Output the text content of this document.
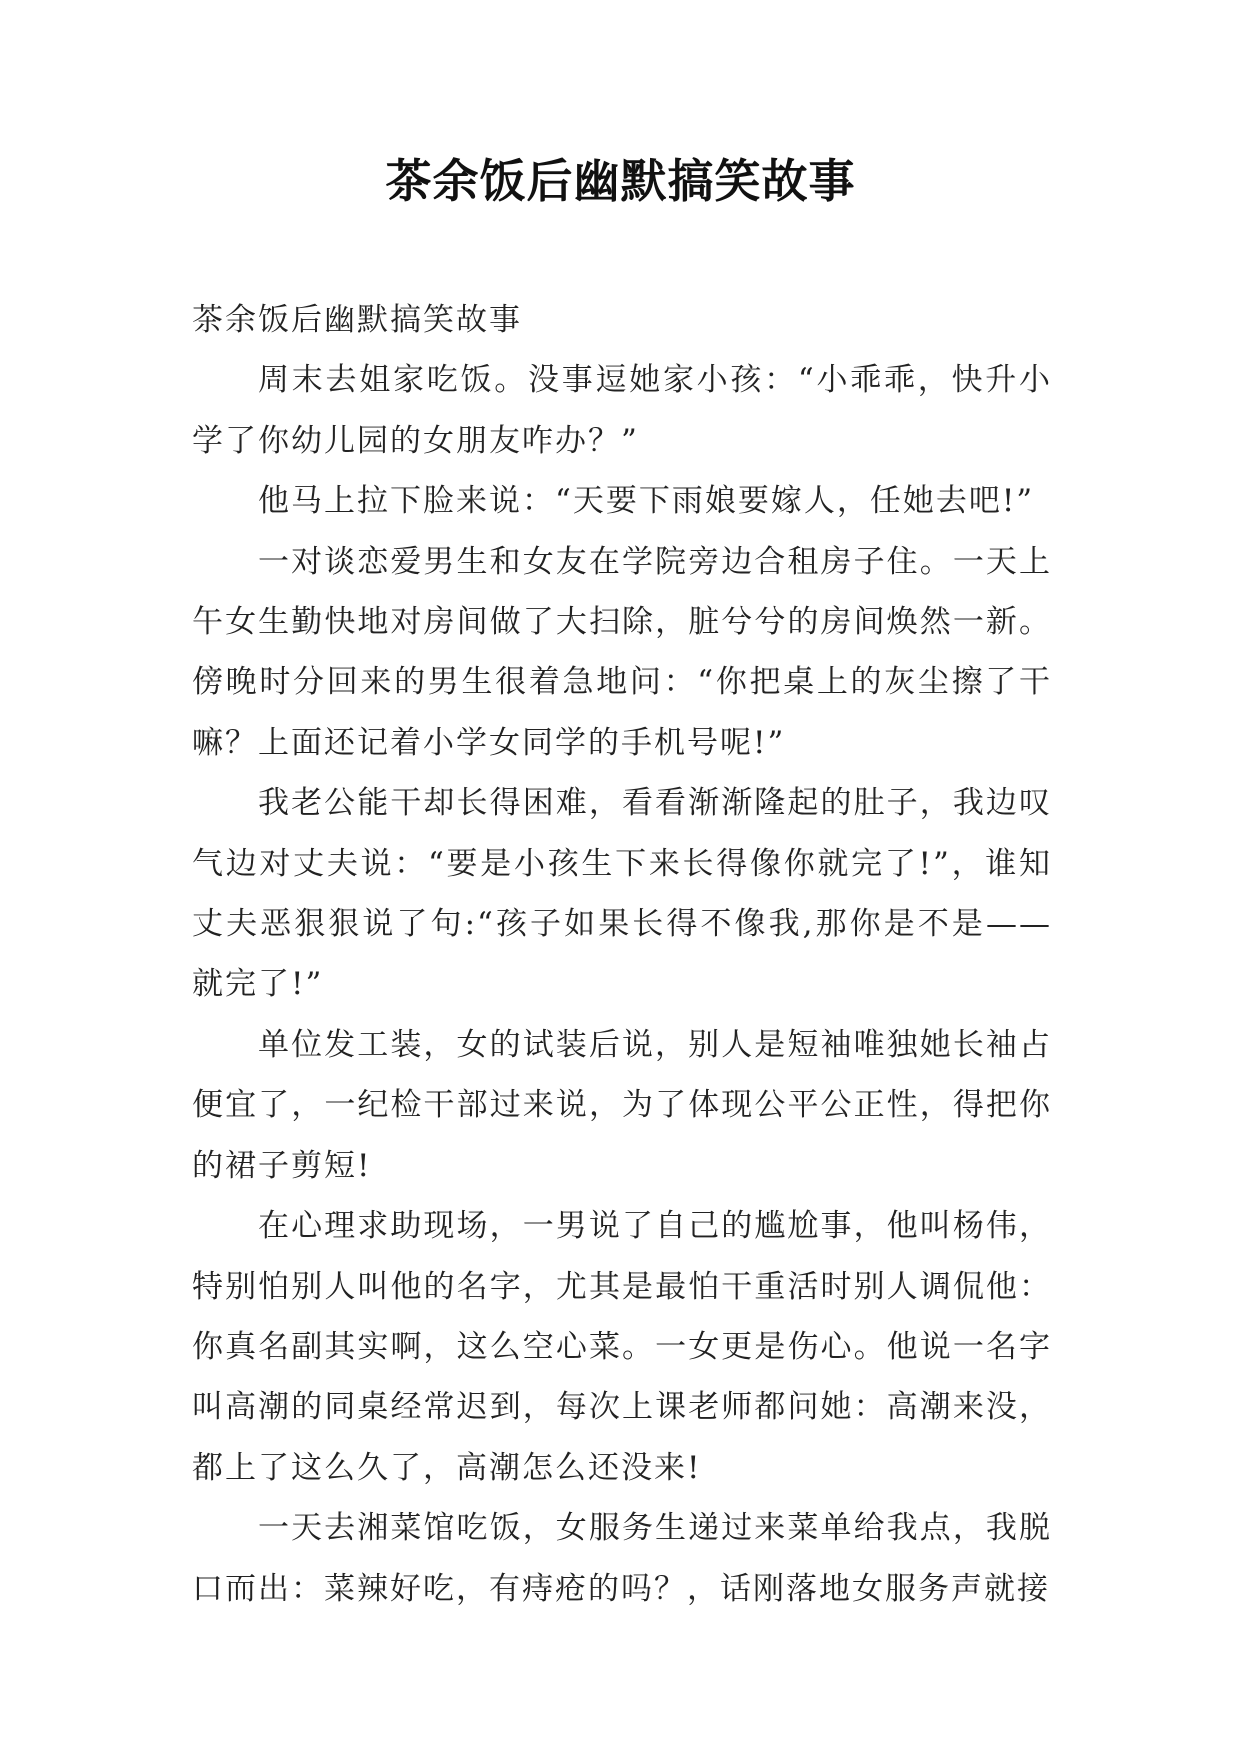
茶余饭后幽默搞笑故事

茶余饭后幽默搞笑故事

周末去姐家吃饭。没事逗她家小孩：“小乖乖，快升小学了你幼儿园的女朋友咋办？”

他马上拉下脸来说：“天要下雨娘要嫁人，任她去吧!”

一对谈恋爱男生和女友在学院旁边合租房子住。一天上午女生勤快地对房间做了大扫除，脏兮兮的房间焕然一新。傍晚时分回来的男生很着急地问：“你把桌上的灰尘擦了干嘛？上面还记着小学女同学的手机号呢!”

我老公能干却长得困难，看看渐渐隆起的肚子，我边叹气边对丈夫说：“要是小孩生下来长得像你就完了!”，谁知丈夫恶狠狠说了句:“孩子如果长得不像我,那你是不是——就完了!”

单位发工装，女的试装后说，别人是短袖唯独她长袖占便宜了，一纪检干部过来说，为了体现公平公正性，得把你的裙子剪短!

在心理求助现场，一男说了自己的尴尬事，他叫杨伟，特别怕别人叫他的名字，尤其是最怕干重活时别人调侃他：你真名副其实啊，这么空心菜。一女更是伤心。他说一名字叫高潮的同桌经常迟到，每次上课老师都问她：高潮来没，都上了这么久了，高潮怎么还没来!

一天去湘菜馆吃饭，女服务生递过来菜单给我点，我脱口而出：菜辣好吃，有痔疮的吗？，话刚落地女服务声就接
